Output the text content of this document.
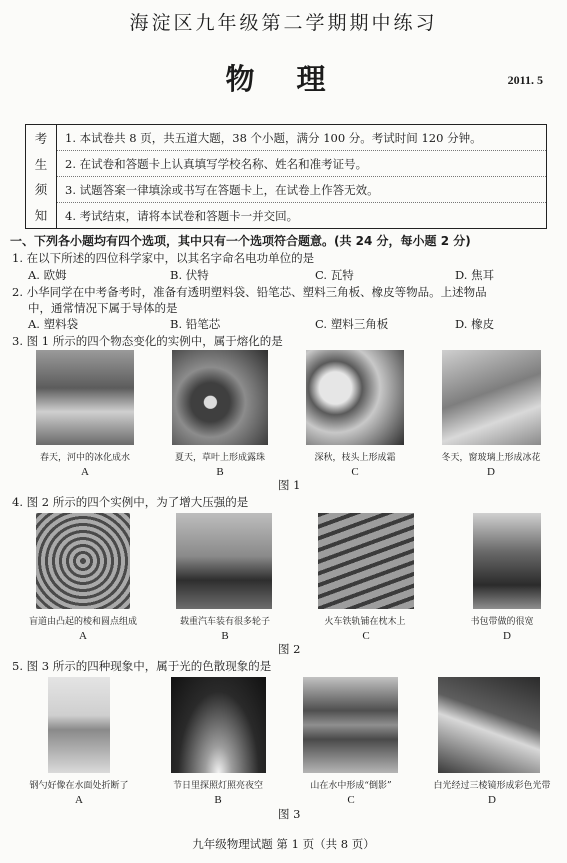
海淀区九年级第二学期期中练习
物 理	2011. 5
考
生
须
知
1. 本试卷共 8 页，共五道大题，38 个小题，满分 100 分。考试时间 120 分钟。
2. 在试卷和答题卡上认真填写学校名称、姓名和准考证号。
3. 试题答案一律填涂或书写在答题卡上，在试卷上作答无效。
4. 考试结束，请将本试卷和答题卡一并交回。
一、下列各小题均有四个选项，其中只有一个选项符合题意。(共 24 分，每小题 2 分)
1. 在以下所述的四位科学家中，以其名字命名电功单位的是
A. 欧姆	B. 伏特	C. 瓦特	D. 焦耳
2. 小华同学在中考备考时，准备有透明塑料袋、铅笔芯、塑料三角板、橡皮等物品。上述物品
中，通常情况下属于导体的是
A. 塑料袋	B. 铅笔芯	C. 塑料三角板	D. 橡皮
3. 图 1 所示的四个物态变化的实例中，属于熔化的是
春天，河中的冰化成水	夏天，草叶上形成露珠	深秋，枝头上形成霜	冬天，窗玻璃上形成冰花
A	B	C	D
图 1
4. 图 2 所示的四个实例中，为了增大压强的是
盲道由凸起的棱和圆点组成	载重汽车装有很多轮子	火车铁轨铺在枕木上	书包带做的很宽
A	B	C	D
图 2
5. 图 3 所示的四种现象中，属于光的色散现象的是
钢勺好像在水面处折断了	节日里探照灯照亮夜空	山在水中形成“倒影”	白光经过三棱镜形成彩色光带
A	B	C	D
图 3
九年级物理试题 第 1 页（共 8 页）
